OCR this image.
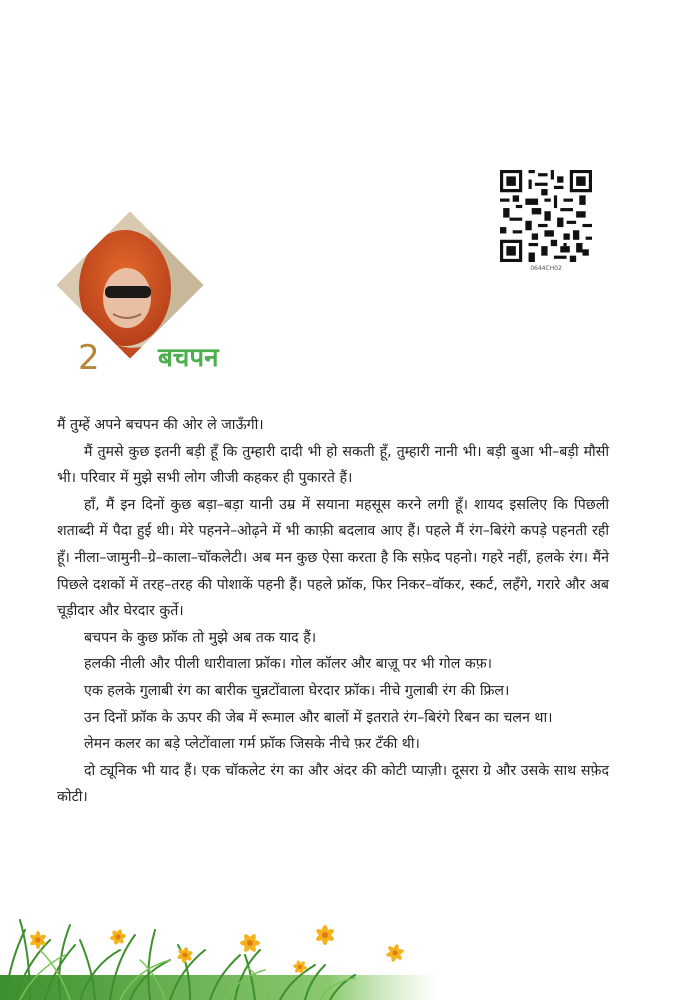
0644CH02
2 बचपन

मैं तुम्हें अपने बचपन की ओर ले जाऊँगी।

मैं तुमसे कुछ इतनी बड़ी हूँ कि तुम्हारी दादी भी हो सकती हूँ, तुम्हारी नानी भी। बड़ी बुआ भी–बड़ी मौसी भी। परिवार में मुझे सभी लोग जीजी कहकर ही पुकारते हैं।

हाँ, मैं इन दिनों कुछ बड़ा–बड़ा यानी उम्र में सयाना महसूस करने लगी हूँ। शायद इसलिए कि पिछली शताब्दी में पैदा हुई थी। मेरे पहनने–ओढ़ने में भी काफ़ी बदलाव आए हैं। पहले मैं रंग–बिरंगे कपड़े पहनती रही हूँ। नीला–जामुनी–ग्रे–काला–चॉकलेटी। अब मन कुछ ऐसा करता है कि सफ़ेद पहनो। गहरे नहीं, हलके रंग। मैंने पिछले दशकों में तरह–तरह की पोशाकें पहनी हैं। पहले फ्रॉक, फिर निकर–वॉकर, स्कर्ट, लहँगे, गरारे और अब चूड़ीदार और घेरदार कुर्ते।

बचपन के कुछ फ्रॉक तो मुझे अब तक याद हैं।

हलकी नीली और पीली धारीवाला फ्रॉक। गोल कॉलर और बाज़ू पर भी गोल कफ़।

एक हलके गुलाबी रंग का बारीक चुन्नटोंवाला घेरदार फ्रॉक। नीचे गुलाबी रंग की फ्रिल।

उन दिनों फ्रॉक के ऊपर की जेब में रूमाल और बालों में इतराते रंग–बिरंगे रिबन का चलन था।

लेमन कलर का बड़े प्लेटोंवाला गर्म फ्रॉक जिसके नीचे फ़र टँकी थी।

दो ट्यूनिक भी याद हैं। एक चॉकलेट रंग का और अंदर की कोटी प्याज़ी। दूसरा ग्रे और उसके साथ सफ़ेद कोटी।
